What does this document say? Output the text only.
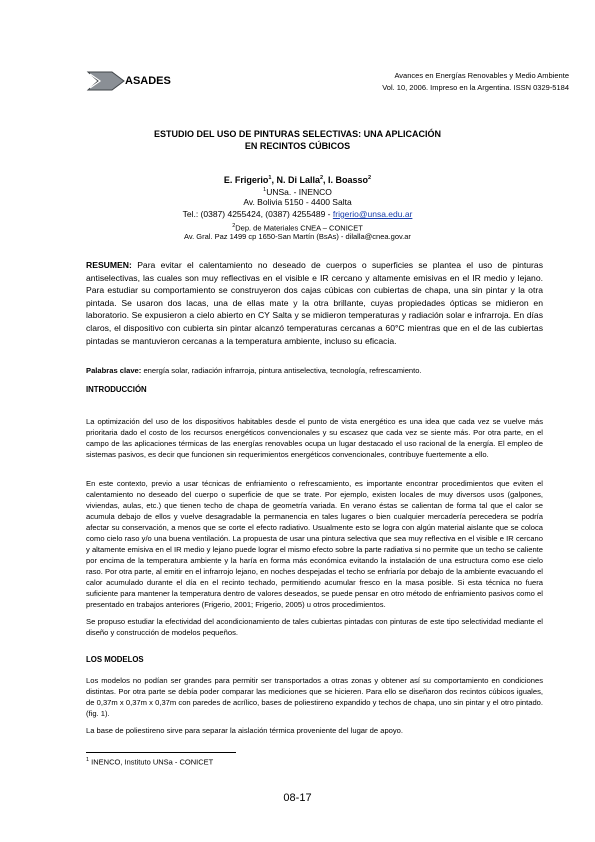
ASADES	Avances en Energías Renovables y Medio Ambiente
Vol. 10, 2006. Impreso en la Argentina. ISSN 0329-5184
ESTUDIO DEL USO DE PINTURAS SELECTIVAS: UNA APLICACIÓN
EN RECINTOS CÚBICOS
E. Frigerio$^1$, N. Di Lalla$^2$, I. Boasso$^2$
$^1$UNSa. - INENCO
Av. Bolivia 5150 - 4400 Salta
Tel.: (0387) 4255424, (0387) 4255489 - frigerio@unsa.edu.ar
$^2$Dep. de Materiales CNEA – CONICET
Av. Gral. Paz 1499 cp 1650-San Martín (BsAs) - dilalla@cnea.gov.ar
RESUMEN: Para evitar el calentamiento no deseado de cuerpos o superficies se plantea el uso de pinturas antiselectivas, las cuales son muy reflectivas en el visible e IR cercano y altamente emisivas en el IR medio y lejano. Para estudiar su comportamiento se construyeron dos cajas cúbicas con cubiertas de chapa, una sin pintar y la otra pintada. Se usaron dos lacas, una de ellas mate y la otra brillante, cuyas propiedades ópticas se midieron en laboratorio. Se expusieron a cielo abierto en CY Salta y se midieron temperaturas y radiación solar e infrarroja. En días claros, el dispositivo con cubierta sin pintar alcanzó temperaturas cercanas a 60°C mientras que en el de las cubiertas pintadas se mantuvieron cercanas a la temperatura ambiente, incluso su eficacia.
Palabras clave: energía solar, radiación infrarroja, pintura antiselectiva, tecnología, refrescamiento.
INTRODUCCIÓN
La optimización del uso de los dispositivos habitables desde el punto de vista energético es una idea que cada vez se vuelve más prioritaria dado el costo de los recursos energéticos convencionales y su escasez que cada vez se siente más. Por otra parte, en el campo de las aplicaciones térmicas de las energías renovables ocupa un lugar destacado el uso racional de la energía. El empleo de sistemas pasivos, es decir que funcionen sin requerimientos energéticos convencionales, contribuye fuertemente a ello.
En este contexto, previo a usar técnicas de enfriamiento o refrescamiento, es importante encontrar procedimientos que eviten el calentamiento no deseado del cuerpo o superficie de que se trate. Por ejemplo, existen locales de muy diversos usos (galpones, viviendas, aulas, etc.) que tienen techo de chapa de geometría variada. En verano éstas se calientan de forma tal que el calor se acumula debajo de ellos y vuelve desagradable la permanencia en tales lugares o bien cualquier mercadería perecedera se podría afectar su conservación, a menos que se corte el efecto radiativo. Usualmente esto se logra con algún material aislante que se coloca como cielo raso y/o una buena ventilación. La propuesta de usar una pintura selectiva que sea muy reflectiva en el visible e IR cercano y altamente emisiva en el IR medio y lejano puede lograr el mismo efecto sobre la parte radiativa si no permite que un techo se caliente por encima de la temperatura ambiente y la haría en forma más económica evitando la instalación de una estructura como ese cielo raso. Por otra parte, al emitir en el infrarrojo lejano, en noches despejadas el techo se enfriaría por debajo de la ambiente evacuando el calor acumulado durante el día en el recinto techado, permitiendo acumular fresco en la masa posible. Si esta técnica no fuera suficiente para mantener la temperatura dentro de valores deseados, se puede pensar en otro método de enfriamiento pasivos como el presentado en trabajos anteriores (Frigerio, 2001; Frigerio, 2005) u otros procedimientos.
Se propuso estudiar la efectividad del acondicionamiento de tales cubiertas pintadas con pinturas de este tipo selectividad mediante el diseño y construcción de modelos pequeños.
LOS MODELOS
Los modelos no podían ser grandes para permitir ser transportados a otras zonas y obtener así su comportamiento en condiciones distintas. Por otra parte se debía poder comparar las mediciones que se hicieren. Para ello se diseñaron dos recintos cúbicos iguales, de 0,37m x 0,37m x 0,37m con paredes de acrílico, bases de poliestireno expandido y techos de chapa, uno sin pintar y el otro pintado. (fig. 1).
La base de poliestireno sirve para separar la aislación térmica proveniente del lugar de apoyo.
$^1$ INENCO, Instituto UNSa - CONICET
08-17
